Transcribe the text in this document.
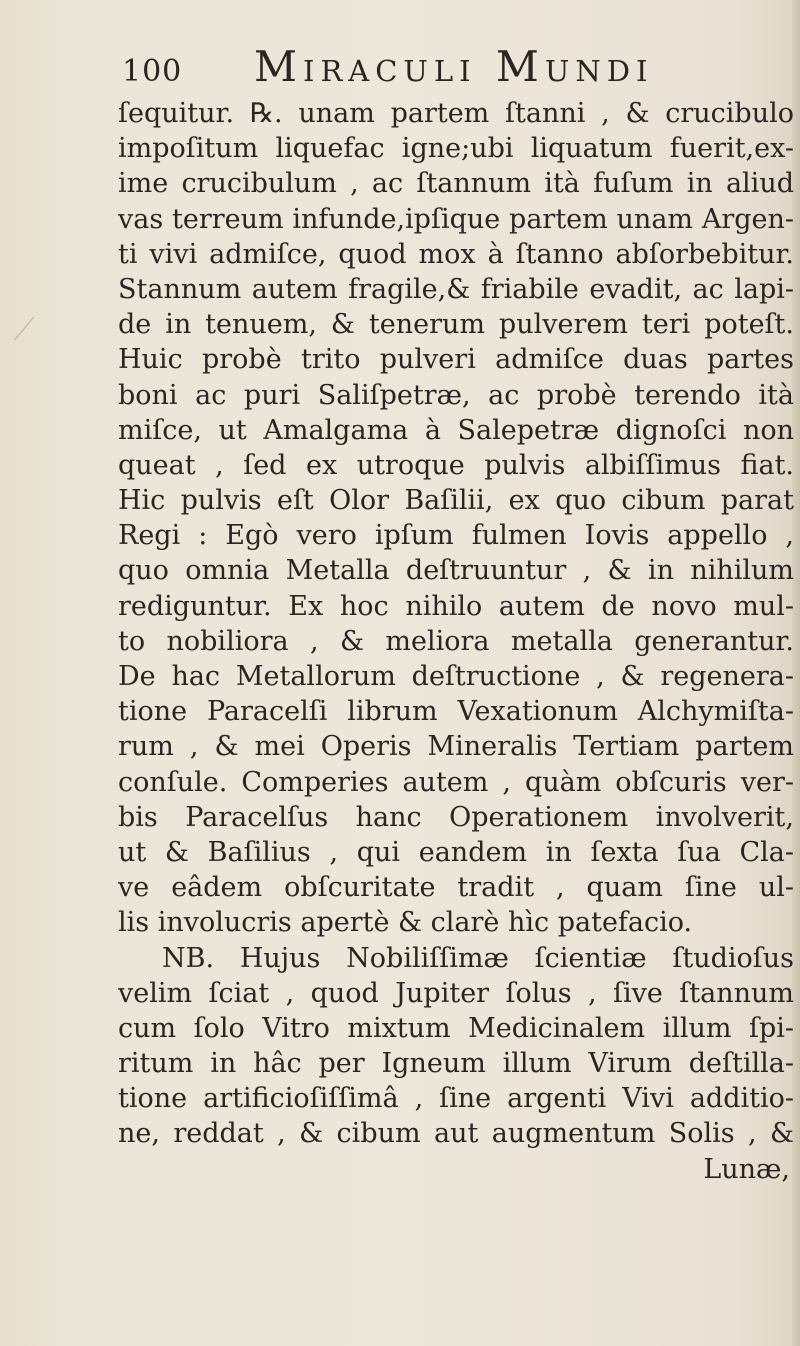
100 Miraculi Mundi
ſequitur. ℞. unam partem ſtanni , & crucibulo
impoſitum liquefac igne;ubi liquatum fuerit,ex-
ime crucibulum , ac ſtannum ità fuſum in aliud
vas terreum infunde,ipſique partem unam Argen-
ti vivi admiſce, quod mox à ſtanno abſorbebitur.
Stannum autem fragile,& friabile evadit, ac lapi-
de in tenuem, & tenerum pulverem teri poteſt.
Huic probè trito pulveri admiſce duas partes
boni ac puri Saliſpetræ, ac probè terendo ità
miſce, ut Amalgama à Salepetræ dignoſci non
queat , ſed ex utroque pulvis albiſſimus fiat.
Hic pulvis eſt Olor Baſilii, ex quo cibum parat
Regi : Egò vero ipſum fulmen Iovis appello ,
quo omnia Metalla deſtruuntur , & in nihilum
rediguntur. Ex hoc nihilo autem de novo mul-
to nobiliora , & meliora metalla generantur.
De hac Metallorum deſtructione , & regenera-
tione Paracelſi librum Vexationum Alchymiſta-
rum , & mei Operis Mineralis Tertiam partem
conſule. Comperies autem , quàm obſcuris ver-
bis Paracelſus hanc Operationem involverit,
ut & Baſilius , qui eandem in ſexta ſua Cla-
ve eâdem obſcuritate tradit , quam ſine ul-
lis involucris apertè & clarè hìc patefacio.
NB. Hujus Nobiliſſimæ ſcientiæ ſtudioſus
velim ſciat , quod Jupiter ſolus , ſive ſtannum
cum ſolo Vitro mixtum Medicinalem illum ſpi-
ritum in hâc per Igneum illum Virum deſtilla-
tione artificioſiſſimâ , ſine argenti Vivi additio-
ne, reddat , & cibum aut augmentum Solis , &
Lunæ,
